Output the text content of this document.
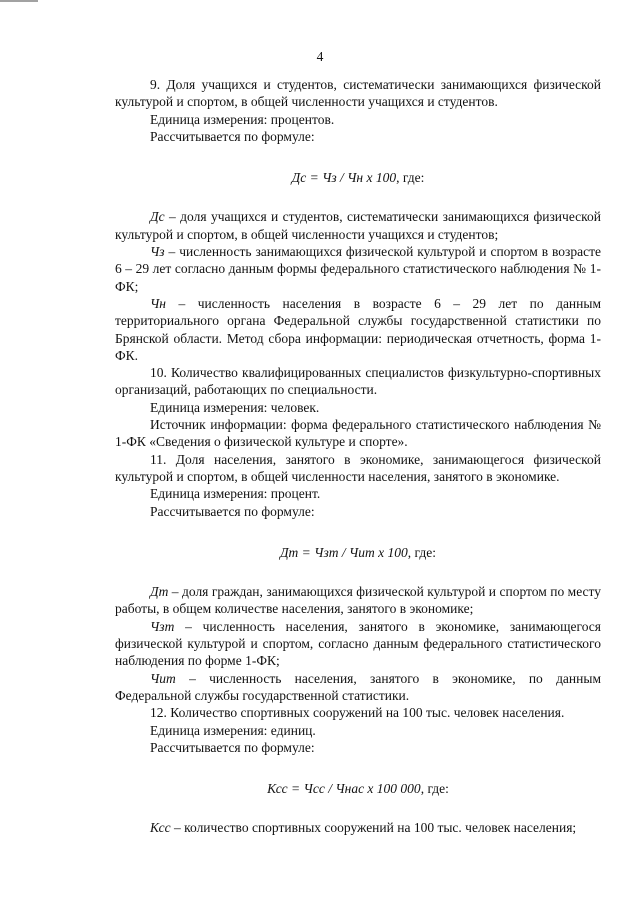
4

9. Доля учащихся и студентов, систематически занимающихся физической культурой и спортом, в общей численности учащихся и студентов.

Единица измерения: процентов.

Рассчитывается по формуле:

Дс = Чз / Чн х 100, где:

Дс – доля учащихся и студентов, систематически занимающихся физической культурой и спортом, в общей численности учащихся и студентов;

Чз – численность занимающихся физической культурой и спортом в возрасте 6 – 29 лет согласно данным формы федерального статистического наблюдения № 1-ФК;

Чн – численность населения в возрасте 6 – 29 лет по данным территориального органа Федеральной службы государственной статистики по Брянской области. Метод сбора информации: периодическая отчетность, форма 1-ФК.

10. Количество квалифицированных специалистов физкультурно-спортивных организаций, работающих по специальности.

Единица измерения: человек.

Источник информации: форма федерального статистического наблюдения № 1-ФК «Сведения о физической культуре и спорте».

11. Доля населения, занятого в экономике, занимающегося физической культурой и спортом, в общей численности населения, занятого в экономике.

Единица измерения: процент.

Рассчитывается по формуле:

Дт = Чзт / Чит х 100, где:

Дт – доля граждан, занимающихся физической культурой и спортом по месту работы, в общем количестве населения, занятого в экономике;

Чзт – численность населения, занятого в экономике, занимающегося физической культурой и спортом, согласно данным федерального статистического наблюдения по форме 1-ФК;

Чит – численность населения, занятого в экономике, по данным Федеральной службы государственной статистики.

12. Количество спортивных сооружений на 100 тыс. человек населения.

Единица измерения: единиц.

Рассчитывается по формуле:

Ксс = Чсс / Чнас х 100 000, где:

Ксс – количество спортивных сооружений на 100 тыс. человек населения;
